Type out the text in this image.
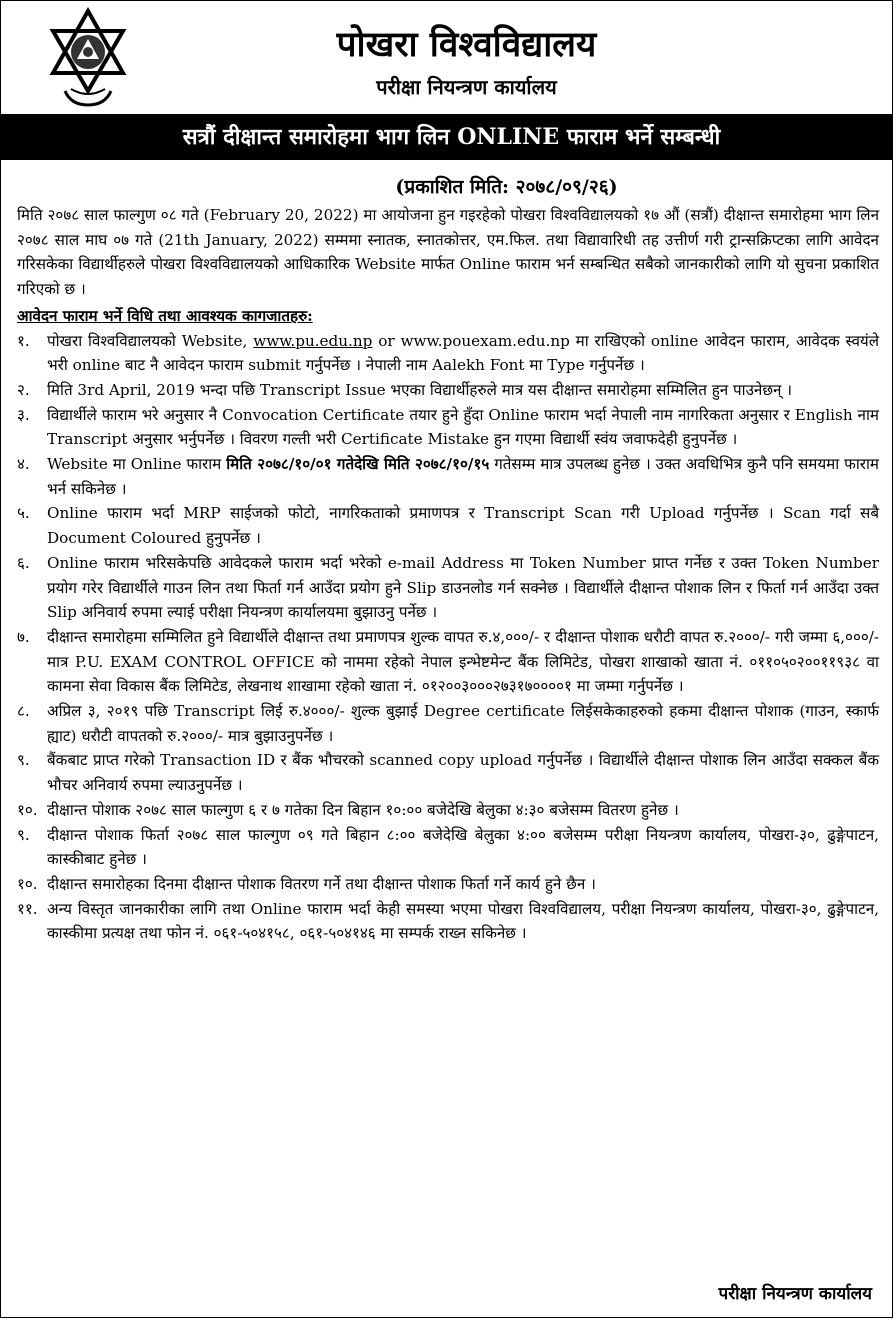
पोखरा विश्वविद्यालय
परीक्षा नियन्त्रण कार्यालय
सत्रौं दीक्षान्त समारोहमा भाग लिन ONLINE फाराम भर्ने सम्बन्धी
(प्रकाशित मिति: २०७८/०९/२६)

मिति २०७८ साल फाल्गुण ०८ गते (February 20, 2022) मा आयोजना हुन गइरहेको पोखरा विश्वविद्यालयको १७ औं (सत्रौं) दीक्षान्त समारोहमा भाग लिन २०७८ साल माघ ०७ गते (21th January, 2022) सम्ममा स्नातक, स्नातकोत्तर, एम.फिल. तथा विद्यावारिधी तह उत्तीर्ण गरी ट्रान्सक्रिप्टका लागि आवेदन गरिसकेका विद्यार्थीहरुले पोखरा विश्वविद्यालयको आधिकारिक Website मार्फत Online फाराम भर्न सम्बन्धित सबैको जानकारीको लागि यो सुचना प्रकाशित गरिएको छ ।

आवेदन फाराम भर्ने विधि तथा आवश्यक कागजातहरु:
१.	पोखरा विश्वविद्यालयको Website, www.pu.edu.np or www.pouexam.edu.np मा राखिएको online आवेदन फाराम, आवेदक स्वयंले भरी online बाट नै आवेदन फाराम submit गर्नुपर्नेछ । नेपाली नाम Aalekh Font मा Type गर्नुपर्नेछ ।
२.	मिति 3rd April, 2019 भन्दा पछि Transcript Issue भएका विद्यार्थीहरुले मात्र यस दीक्षान्त समारोहमा सम्मिलित हुन पाउनेछन् ।
३.	विद्यार्थीले फाराम भरे अनुसार नै Convocation Certificate तयार हुने हुँदा Online फाराम भर्दा नेपाली नाम नागरिकता अनुसार र English नाम Transcript अनुसार भर्नुपर्नेछ । विवरण गल्ती भरी Certificate Mistake हुन गएमा विद्यार्थी स्वंय जवाफदेही हुनुपर्नेछ ।
४.	Website मा Online फाराम मिति २०७८/१०/०१ गतेदेखि मिति २०७८/१०/१५ गतेसम्म मात्र उपलब्ध हुनेछ । उक्त अवधिभित्र कुनै पनि समयमा फाराम भर्न सकिनेछ ।
५.	Online फाराम भर्दा MRP साईजको फोटो, नागरिकताको प्रमाणपत्र र Transcript Scan गरी Upload गर्नुपर्नेछ । Scan गर्दा सबै Document Coloured हुनुपर्नेछ ।
६.	Online फाराम भरिसकेपछि आवेदकले फाराम भर्दा भरेको e-mail Address मा Token Number प्राप्त गर्नेछ र उक्त Token Number प्रयोग गरेर विद्यार्थीले गाउन लिन तथा फिर्ता गर्न आउँदा प्रयोग हुने Slip डाउनलोड गर्न सक्नेछ । विद्यार्थीले दीक्षान्त पोशाक लिन र फिर्ता गर्न आउँदा उक्त Slip अनिवार्य रुपमा ल्याई परीक्षा नियन्त्रण कार्यालयमा बुझाउनु पर्नेछ ।
७.	दीक्षान्त समारोहमा सम्मिलित हुने विद्यार्थीले दीक्षान्त तथा प्रमाणपत्र शुल्क वापत रु.४,०००/- र दीक्षान्त पोशाक धरौटी वापत रु.२०००/- गरी जम्मा ६,०००/- मात्र P.U. EXAM CONTROL OFFICE को नाममा रहेको नेपाल इन्भेष्टमेन्ट बैंक लिमिटेड, पोखरा शाखाको खाता नं. ०११०५०२००११९३८ वा कामना सेवा विकास बैंक लिमिटेड, लेखनाथ शाखामा रहेको खाता नं. ०१२००३०००२७३१७००००१ मा जम्मा गर्नुपर्नेछ ।
८.	अप्रिल ३, २०१९ पछि Transcript लिई रु.४०००/- शुल्क बुझाई Degree certificate लिईसकेकाहरुको हकमा दीक्षान्त पोशाक (गाउन, स्कार्फ ह्याट) धरौटी वापतको रु.२०००/- मात्र बुझाउनुपर्नेछ ।
९.	बैंकबाट प्राप्त गरेको Transaction ID र बैंक भौचरको scanned copy upload गर्नुपर्नेछ । विद्यार्थीले दीक्षान्त पोशाक लिन आउँदा सक्कल बैंक भौचर अनिवार्य रुपमा ल्याउनुपर्नेछ ।
१०. दीक्षान्त पोशाक २०७८ साल फाल्गुण ६ र ७ गतेका दिन बिहान १०:०० बजेदेखि बेलुका ४:३० बजेसम्म वितरण हुनेछ ।
९.	दीक्षान्त पोशाक फिर्ता २०७८ साल फाल्गुण ०९ गते बिहान ८:०० बजेदेखि बेलुका ४:०० बजेसम्म परीक्षा नियन्त्रण कार्यालय, पोखरा-३०, ढुङ्गेपाटन, कास्कीबाट हुनेछ ।
१०. दीक्षान्त समारोहका दिनमा दीक्षान्त पोशाक वितरण गर्ने तथा दीक्षान्त पोशाक फिर्ता गर्ने कार्य हुने छैन ।
११. अन्य विस्तृत जानकारीका लागि तथा Online फाराम भर्दा केही समस्या भएमा पोखरा विश्वविद्यालय, परीक्षा नियन्त्रण कार्यालय, पोखरा-३०, ढुङ्गेपाटन, कास्कीमा प्रत्यक्ष तथा फोन नं. ०६१-५०४१५८, ०६१-५०४१४६ मा सम्पर्क राख्न सकिनेछ ।
परीक्षा नियन्त्रण कार्यालय
